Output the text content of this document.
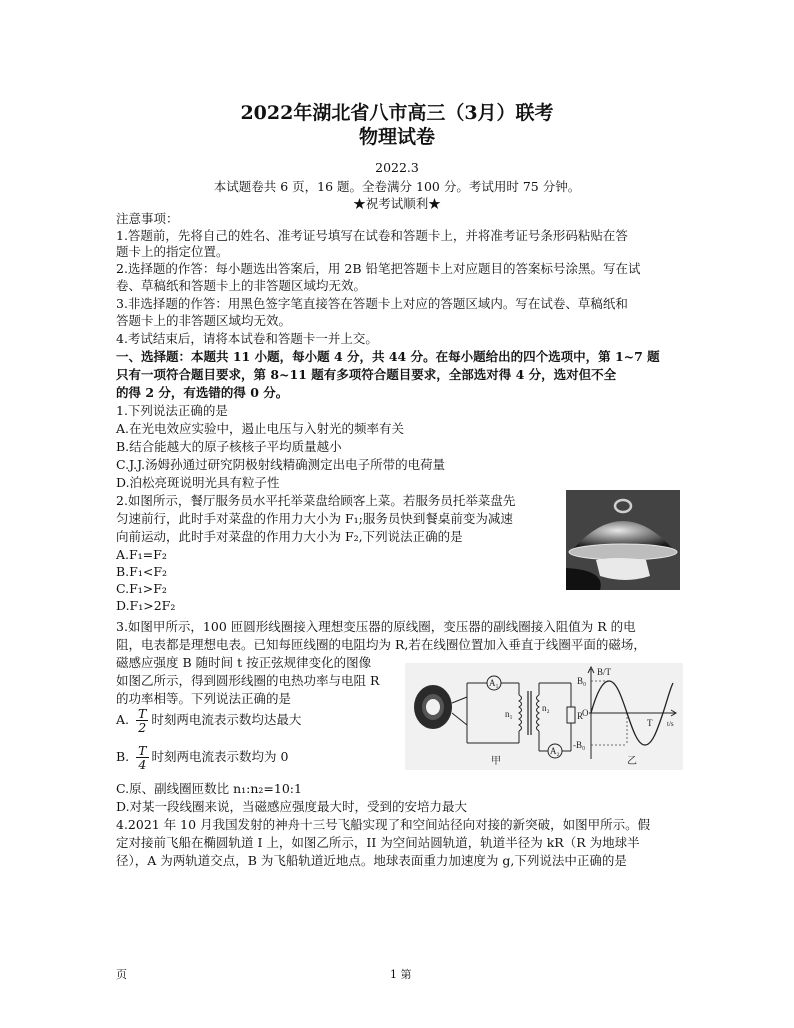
2022年湖北省八市高三（3月）联考
物理试卷
2022.3
本试题卷共 6 页，16 题。全卷满分 100 分。考试用时 75 分钟。
★祝考试顺利★
注意事项：
1.答题前，先将自己的姓名、准考证号填写在试卷和答题卡上，并将准考证号条形码粘贴在答
题卡上的指定位置。
2.选择题的作答：每小题选出答案后，用 2B 铅笔把答题卡上对应题目的答案标号涂黑。写在试
卷、草稿纸和答题卡上的非答题区域均无效。
3.非选择题的作答：用黑色签字笔直接答在答题卡上对应的答题区域内。写在试卷、草稿纸和
答题卡上的非答题区域均无效。
4.考试结束后，请将本试卷和答题卡一并上交。
一、选择题：本题共 11 小题，每小题 4 分，共 44 分。在每小题给出的四个选项中，第 1~7 题
只有一项符合题目要求，第 8~11 题有多项符合题目要求，全部选对得 4 分，选对但不全
的得 2 分，有选错的得 0 分。
1.下列说法正确的是
A.在光电效应实验中，遏止电压与入射光的频率有关
B.结合能越大的原子核核子平均质量越小
C.J.J.汤姆孙通过研究阴极射线精确测定出电子所带的电荷量
D.泊松亮斑说明光具有粒子性
2.如图所示，餐厅服务员水平托举菜盘给顾客上菜。若服务员托举菜盘先
匀速前行，此时手对菜盘的作用力大小为 F₁;服务员快到餐桌前变为减速
向前运动，此时手对菜盘的作用力大小为 F₂,下列说法正确的是
A.F₁=F₂
B.F₁<F₂
C.F₁>F₂
D.F₁>2F₂
3.如图甲所示，100 匝圆形线圈接入理想变压器的原线圈，变压器的副线圈接入阻值为 R 的电
阻，电表都是理想电表。已知每匝线圈的电阻均为 R,若在线圈位置加入垂直于线圈平面的磁场，
磁感应强度 B 随时间 t 按正弦规律变化的图像
如图乙所示，得到圆形线圈的电热功率与电阻 R
的功率相等。下列说法正确的是
A. $\frac{T}{2}$ 时刻两电流表示数均达最大
B. $\frac{T}{4}$ 时刻两电流表示数均为 0
C.原、副线圈匝数比 n₁:n₂=10:1
D.对某一段线圈来说，当磁感应强度最大时，受到的安培力最大
A₁
n₁
n₂
R
A₂
甲
B/T
B₀
-B₀
O
T t/s
乙
4.2021 年 10 月我国发射的神舟十三号飞船实现了和空间站径向对接的新突破，如图甲所示。假
定对接前飞船在椭圆轨道 I 上，如图乙所示，II 为空间站圆轨道，轨道半径为 kR（R 为地球半
径），A 为两轨道交点，B 为飞船轨道近地点。地球表面重力加速度为 g,下列说法中正确的是
页	1 第
